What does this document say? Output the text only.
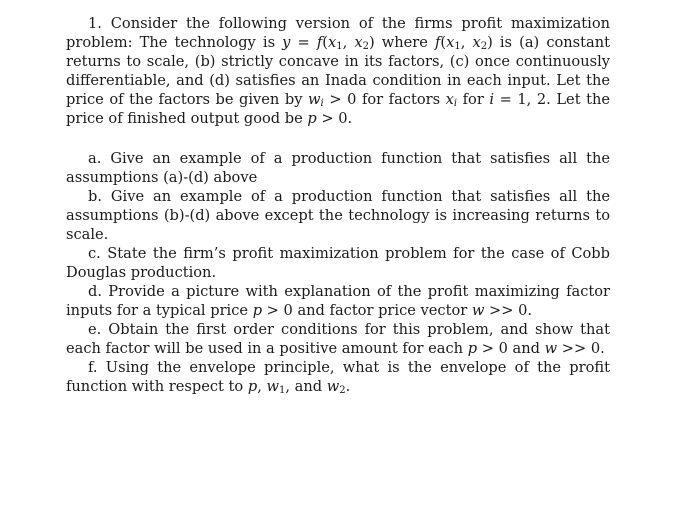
1. Consider the following version of the firms profit maximization problem: The technology is $y = f(x_1$, $x_2$) where $f(x_1$, $x_2$) is (a) constant returns to scale, (b) strictly concave in its factors, (c) once continuously differentiable, and (d) satisfies an Inada condition in each input. Let the price of the factors be given by $w_i > 0$ for factors $x_i$ for i = 1, 2. Let the price of finished output good be p > 0.

a. Give an example of a production function that satisfies all the assumptions (a)-(d) above

b. Give an example of a production function that satisfies all the assumptions (b)-(d) above except the technology is increasing returns to scale.

c. State the firm’s profit maximization problem for the case of Cobb Douglas production.

d. Provide a picture with explanation of the profit maximizing factor inputs for a typical price p > 0 and factor price vector w >> 0.

e. Obtain the first order conditions for this problem, and show that each factor will be used in a positive amount for each p > 0 and w >> 0.

f. Using the envelope principle, what is the envelope of the profit function with respect to p, $w_1$, and $w_2$.
